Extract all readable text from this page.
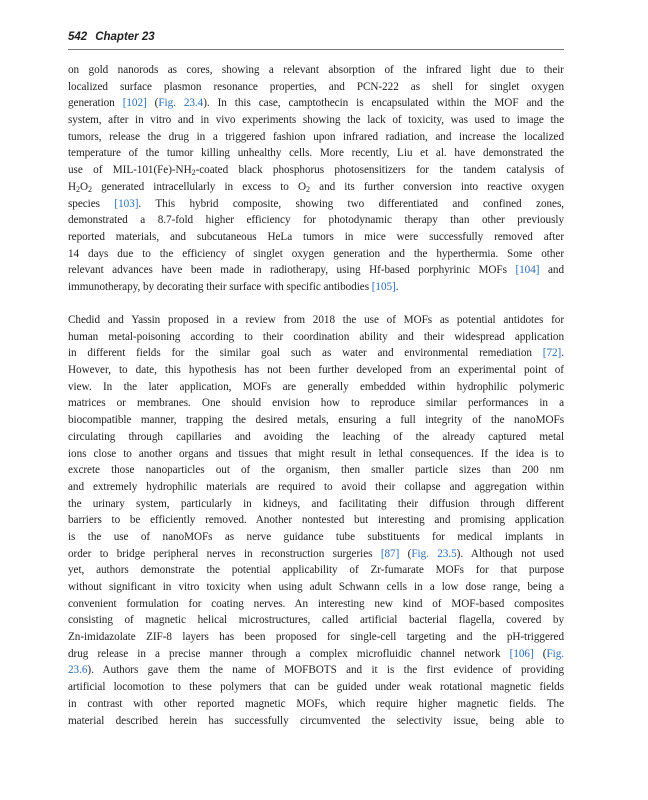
542 Chapter 23
on gold nanorods as cores, showing a relevant absorption of the infrared light due to their
localized surface plasmon resonance properties, and PCN-222 as shell for singlet oxygen
generation [102] (Fig. 23.4). In this case, camptothecin is encapsulated within the MOF and the
system, after in vitro and in vivo experiments showing the lack of toxicity, was used to image the
tumors, release the drug in a triggered fashion upon infrared radiation, and increase the localized
temperature of the tumor killing unhealthy cells. More recently, Liu et al. have demonstrated the
use of MIL-$101(Fe)-NH_2$-coated black phosphorus photosensitizers for the tandem catalysis of
$H_2O_2$ generated intracellularly in excess to $O_2$ and its further conversion into reactive oxygen
species [103]. This hybrid composite, showing two differentiated and confined zones,
demonstrated a 8.7-fold higher efficiency for photodynamic therapy than other previously
reported materials, and subcutaneous HeLa tumors in mice were successfully removed after
14 days due to the efficiency of singlet oxygen generation and the hyperthermia. Some other
relevant advances have been made in radiotherapy, using Hf-based porphyrinic MOFs [104] and
immunotherapy, by decorating their surface with specific antibodies [105].
Chedid and Yassin proposed in a review from 2018 the use of MOFs as potential antidotes for
human metal-poisoning according to their coordination ability and their widespread application
in different fields for the similar goal such as water and environmental remediation [72].
However, to date, this hypothesis has not been further developed from an experimental point of
view. In the later application, MOFs are generally embedded within hydrophilic polymeric
matrices or membranes. One should envision how to reproduce similar performances in a
biocompatible manner, trapping the desired metals, ensuring a full integrity of the nanoMOFs
circulating through capillaries and avoiding the leaching of the already captured metal
ions close to another organs and tissues that might result in lethal consequences. If the idea is to
excrete those nanoparticles out of the organism, then smaller particle sizes than 200 nm
and extremely hydrophilic materials are required to avoid their collapse and aggregation within
the urinary system, particularly in kidneys, and facilitating their diffusion through different
barriers to be efficiently removed. Another nontested but interesting and promising application
is the use of nanoMOFs as nerve guidance tube substituents for medical implants in
order to bridge peripheral nerves in reconstruction surgeries [87] (Fig. 23.5). Although not used
yet, authors demonstrate the potential applicability of Zr-fumarate MOFs for that purpose
without significant in vitro toxicity when using adult Schwann cells in a low dose range, being a
convenient formulation for coating nerves. An interesting new kind of MOF-based composites
consisting of magnetic helical microstructures, called artificial bacterial flagella, covered by
Zn-imidazolate ZIF-8 layers has been proposed for single-cell targeting and the pH-triggered
drug release in a precise manner through a complex microfluidic channel network [106] (Fig.
23.6). Authors gave them the name of MOFBOTS and it is the first evidence of providing
artificial locomotion to these polymers that can be guided under weak rotational magnetic fields
in contrast with other reported magnetic MOFs, which require higher magnetic fields. The
material described herein has successfully circumvented the selectivity issue, being able to
